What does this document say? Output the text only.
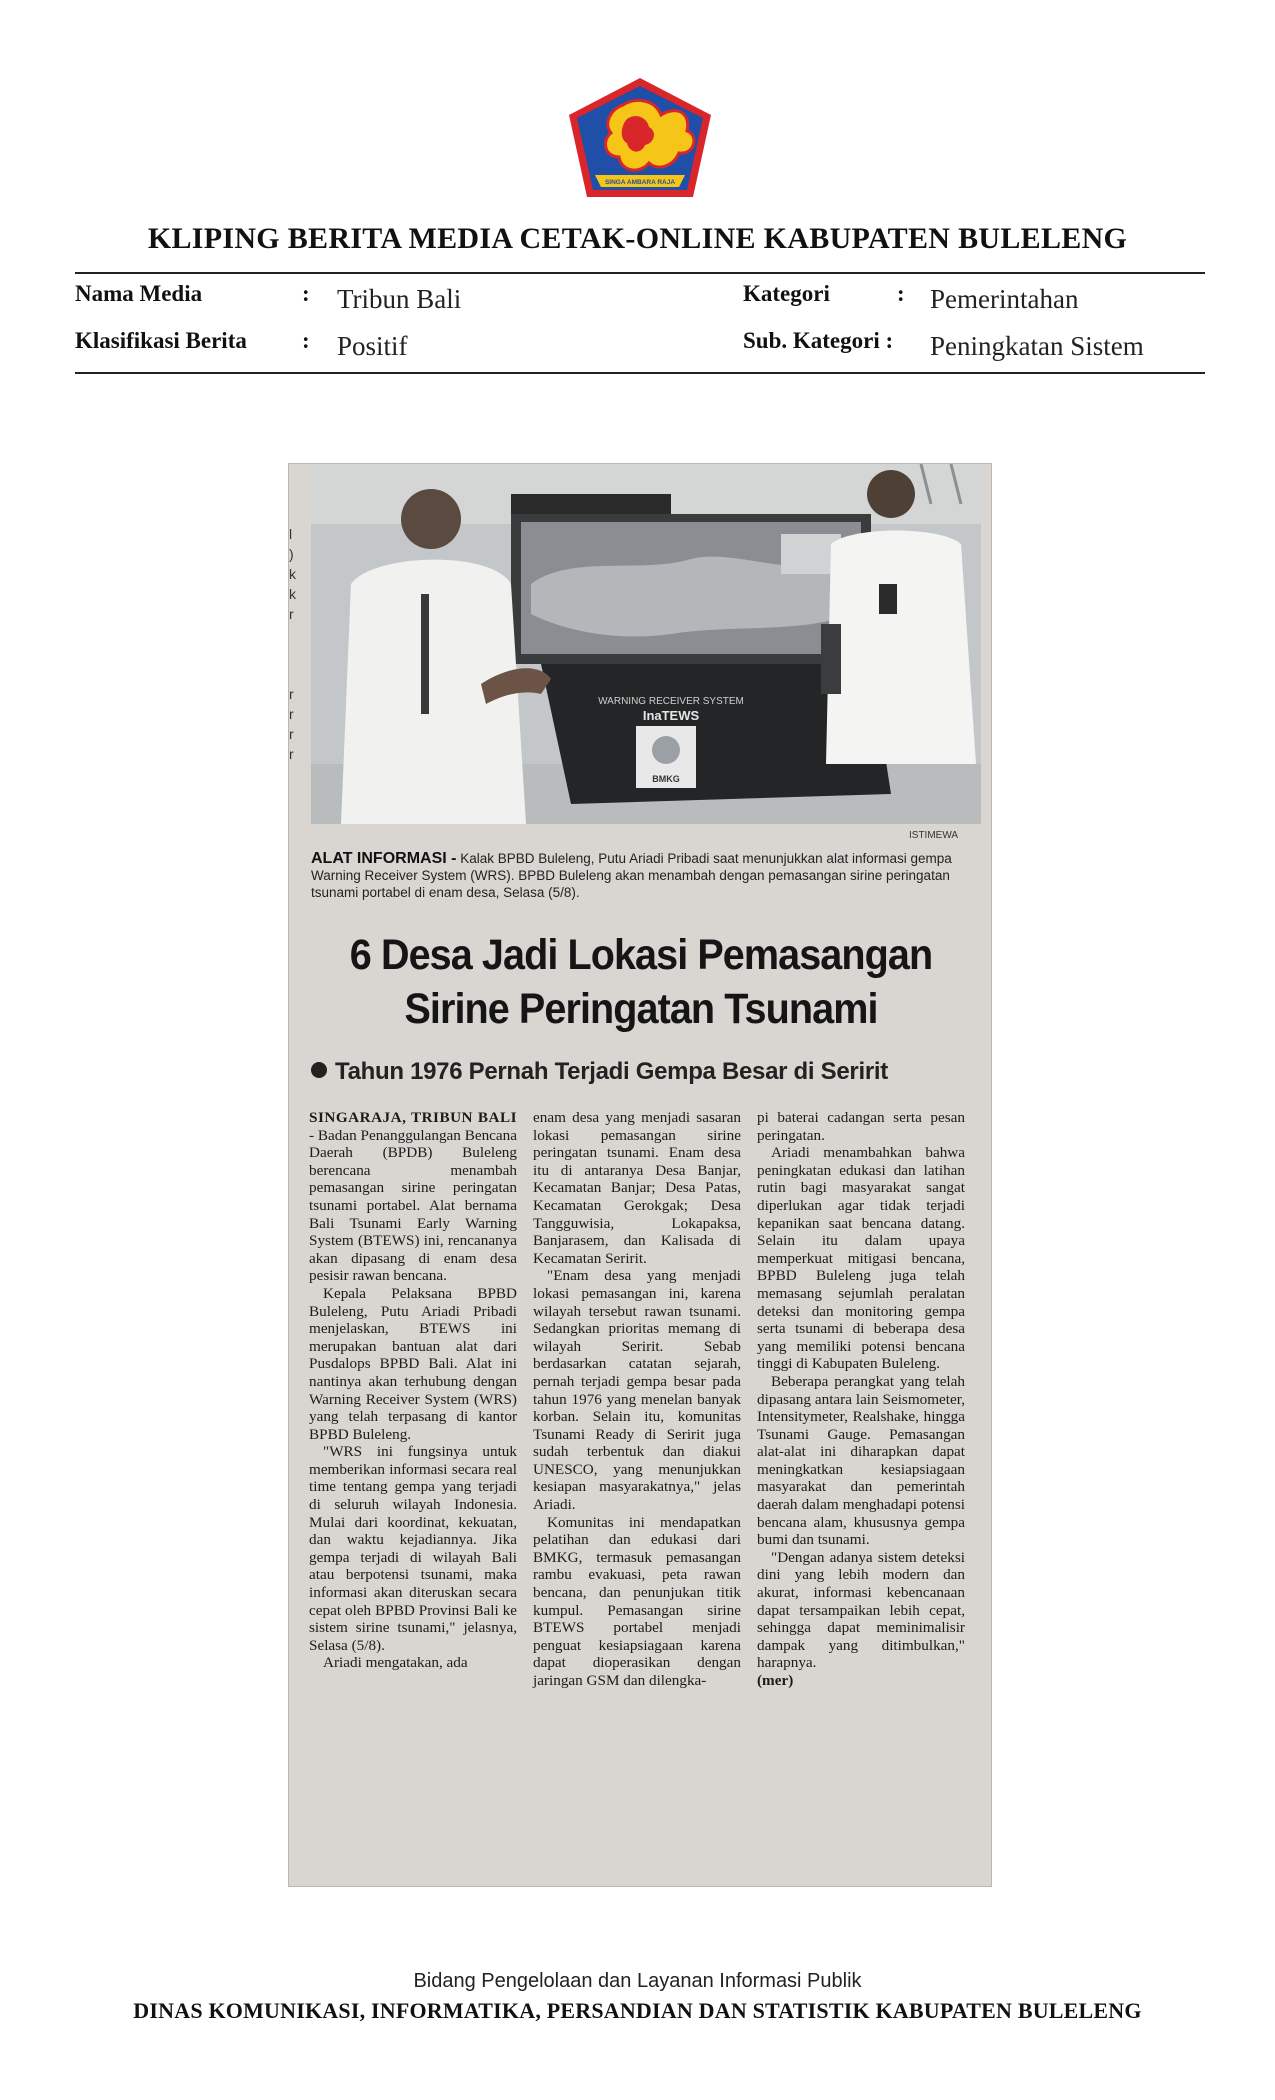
SINGA AMBARA RAJA
KLIPING BERITA MEDIA CETAK-ONLINE KABUPATEN BULELENG
Nama Media	: Tribun Bali
Klasifikasi Berita : Positif
Kategori	: Pemerintahan
Sub. Kategori : Peningkatan Sistem
l
)
k
k
r

r
r
r
r
WARNING RECEIVER SYSTEM
InaTEWS
BMKG
ISTIMEWA
ALAT INFORMASI - Kalak BPBD Buleleng, Putu Ariadi Pribadi saat menunjukkan alat informasi gempa Warning Receiver System (WRS). BPBD Buleleng akan menambah dengan pemasangan sirine peringatan tsunami portabel di enam desa, Selasa (5/8).
6 Desa Jadi Lokasi Pemasangan
Sirine Peringatan Tsunami
Tahun 1976 Pernah Terjadi Gempa Besar di Seririt

SINGARAJA, TRIBUN BALI - Badan Penanggulangan Bencana Daerah (BPDB) Buleleng berencana menambah pemasangan sirine peringatan tsunami portabel. Alat bernama Bali Tsunami Early Warning System (BTEWS) ini, rencananya akan dipasang di enam desa pesisir rawan bencana.

Kepala Pelaksana BPBD Buleleng, Putu Ariadi Pribadi menjelaskan, BTEWS ini merupakan bantuan alat dari Pusdalops BPBD Bali. Alat ini nantinya akan terhubung dengan Warning Receiver System (WRS) yang telah terpasang di kantor BPBD Buleleng.

"WRS ini fungsinya untuk memberikan informasi secara real time tentang gempa yang terjadi di seluruh wilayah Indonesia. Mulai dari koordinat, kekuatan, dan waktu kejadiannya. Jika gempa terjadi di wilayah Bali atau berpotensi tsunami, maka informasi akan diteruskan secara cepat oleh BPBD Provinsi Bali ke sistem sirine tsunami," jelasnya, Selasa (5/8).

Ariadi mengatakan, ada

enam desa yang menjadi sasaran lokasi pemasangan sirine peringatan tsunami. Enam desa itu di antaranya Desa Banjar, Kecamatan Banjar; Desa Patas, Kecamatan Gerokgak; Desa Tangguwisia, Lokapaksa, Banjarasem, dan Kalisada di Kecamatan Seririt.

"Enam desa yang menjadi lokasi pemasangan ini, karena wilayah tersebut rawan tsunami. Sedangkan prioritas memang di wilayah Seririt. Sebab berdasarkan catatan sejarah, pernah terjadi gempa besar pada tahun 1976 yang menelan banyak korban. Selain itu, komunitas Tsunami Ready di Seririt juga sudah terbentuk dan diakui UNESCO, yang menunjukkan kesiapan masyarakatnya," jelas Ariadi.

Komunitas ini mendapatkan pelatihan dan edukasi dari BMKG, termasuk pemasangan rambu evakuasi, peta rawan bencana, dan penunjukan titik kumpul. Pemasangan sirine BTEWS portabel menjadi penguat kesiapsiagaan karena dapat dioperasikan dengan jaringan GSM dan dilengka-

pi baterai cadangan serta pesan peringatan.

Ariadi menambahkan bahwa peningkatan edukasi dan latihan rutin bagi masyarakat sangat diperlukan agar tidak terjadi kepanikan saat bencana datang. Selain itu dalam upaya memperkuat mitigasi bencana, BPBD Buleleng juga telah memasang sejumlah peralatan deteksi dan monitoring gempa serta tsunami di beberapa desa yang memiliki potensi bencana tinggi di Kabupaten Buleleng.

Beberapa perangkat yang telah dipasang antara lain Seismometer, Intensitymeter, Realshake, hingga Tsunami Gauge. Pemasangan alat-alat ini diharapkan dapat meningkatkan kesiapsiagaan masyarakat dan pemerintah daerah dalam menghadapi potensi bencana alam, khususnya gempa bumi dan tsunami.

"Dengan adanya sistem deteksi dini yang lebih modern dan akurat, informasi kebencanaan dapat tersampaikan lebih cepat, sehingga dapat meminimalisir dampak yang ditimbulkan," harapnya.

(mer)

Bidang Pengelolaan dan Layanan Informasi Publik
DINAS KOMUNIKASI, INFORMATIKA, PERSANDIAN DAN STATISTIK KABUPATEN BULELENG
